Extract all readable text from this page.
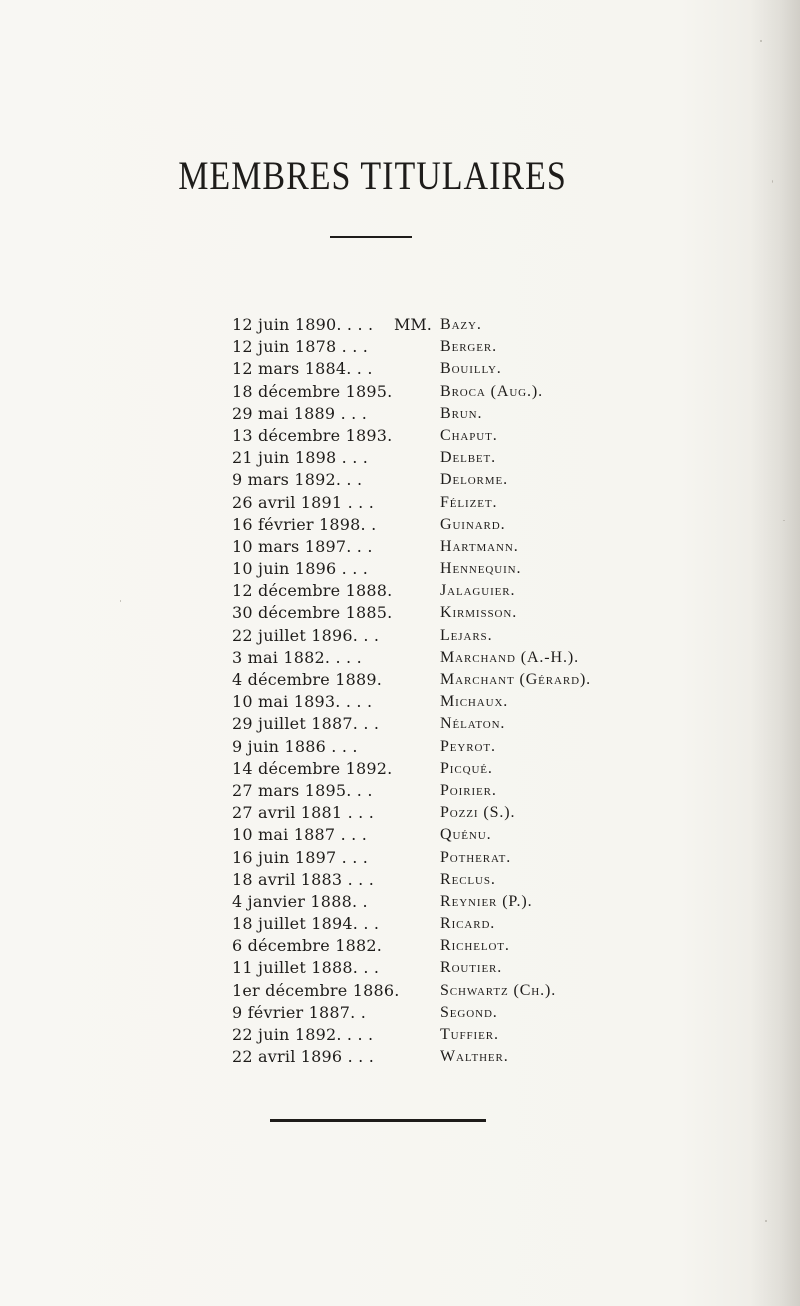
MEMBRES TITULAIRES
12 juin 1890. . . .	MM. Bazy.
12 juin 1878 . . .	Berger.
12 mars 1884. . .	Bouilly.
18 décembre 1895.	Broca (Aug.).
29 mai 1889 . . .	Brun.
13 décembre 1893.	Chaput.
21 juin 1898 . . .	Delbet.
9 mars 1892. . .	Delorme.
26 avril 1891 . . .	Félizet.
16 février 1898. .	Guinard.
10 mars 1897. . .	Hartmann.
10 juin 1896 . . .	Hennequin.
12 décembre 1888.	Jalaguier.
30 décembre 1885.	Kirmisson.
22 juillet 1896. . .	Lejars.
3 mai 1882. . . .	Marchand (A.-H.).
4 décembre 1889.	Marchant (Gérard).
10 mai 1893. . . .	Michaux.
29 juillet 1887. . .	Nélaton.
9 juin 1886 . . .	Peyrot.
14 décembre 1892.	Picqué.
27 mars 1895. . .	Poirier.
27 avril 1881 . . .	Pozzi (S.).
10 mai 1887 . . .	Quénu.
16 juin 1897 . . .	Potherat.
18 avril 1883 . . .	Reclus.
4 janvier 1888. .	Reynier (P.).
18 juillet 1894. . .	Ricard.
6 décembre 1882.	Richelot.
11 juillet 1888. . .	Routier.
1er décembre 1886.	Schwartz (Ch.).
9 février 1887. .	Segond.
22 juin 1892. . . .	Tuffier.
22 avril 1896 . . .	Walther.
